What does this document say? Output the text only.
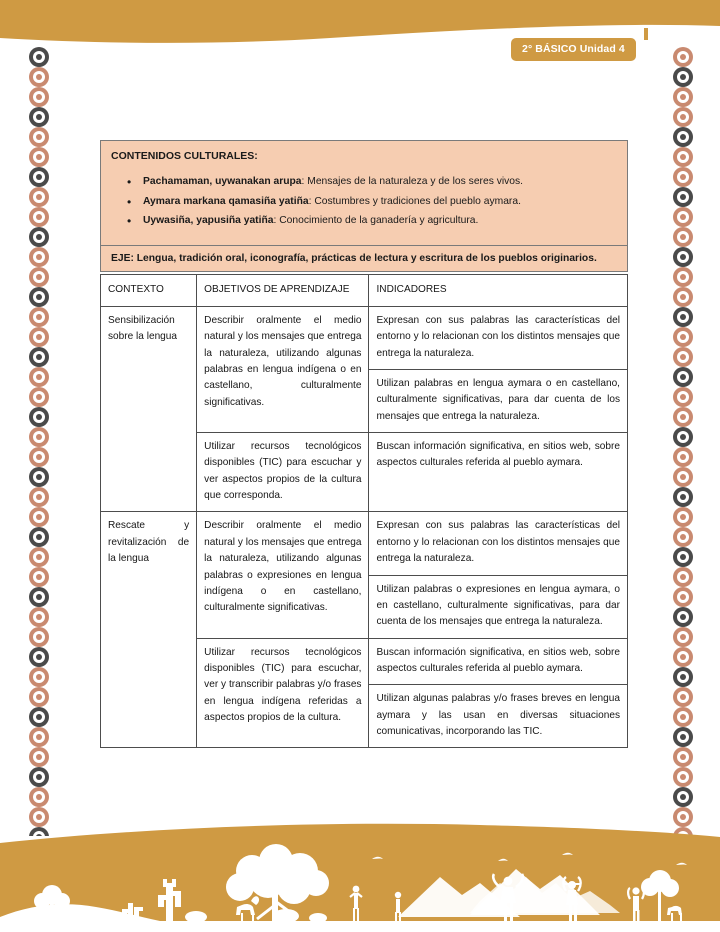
2° BÁSICO Unidad 4
CONTENIDOS CULTURALES:
• Pachamaman, uywanakan arupa: Mensajes de la naturaleza y de los seres vivos.
• Aymara markana qamasiña yatiña: Costumbres y tradiciones del pueblo aymara.
• Uywasiña, yapusiña yatiña: Conocimiento de la ganadería y agricultura.
EJE: Lengua, tradición oral, iconografía, prácticas de lectura y escritura de los pueblos originarios.
CONTEXTO	OBJETIVOS DE APRENDIZAJE	INDICADORES
Sensibilización sobre la lengua	Describir oralmente el medio natural y los mensajes que entrega la naturaleza, utilizando algunas palabras en lengua indígena o en castellano, culturalmente significativas.	Expresan con sus palabras las características del entorno y lo relacionan con los distintos mensajes que entrega la naturaleza.
		Utilizan palabras en lengua aymara o en castellano, culturalmente significativas, para dar cuenta de los mensajes que entrega la naturaleza.
	Utilizar recursos tecnológicos disponibles (TIC) para escuchar y ver aspectos propios de la cultura que corresponda.	Buscan información significativa, en sitios web, sobre aspectos culturales referida al pueblo aymara.
Rescate y revitalización de la lengua	Describir oralmente el medio natural y los mensajes que entrega la naturaleza, utilizando algunas palabras o expresiones en lengua indígena o en castellano, culturalmente significativas.	Expresan con sus palabras las características del entorno y lo relacionan con los distintos mensajes que entrega la naturaleza.
		Utilizan palabras o expresiones en lengua aymara, o en castellano, culturalmente significativas, para dar cuenta de los mensajes que entrega la naturaleza.
	Utilizar recursos tecnológicos disponibles (TIC) para escuchar, ver y transcribir palabras y/o frases en lengua indígena referidas a aspectos propios de la cultura.	Buscan información significativa, en sitios web, sobre aspectos culturales referida al pueblo aymara.
		Utilizan algunas palabras y/o frases breves en lengua aymara y las usan en diversas situaciones comunicativas, incorporando las TIC.
